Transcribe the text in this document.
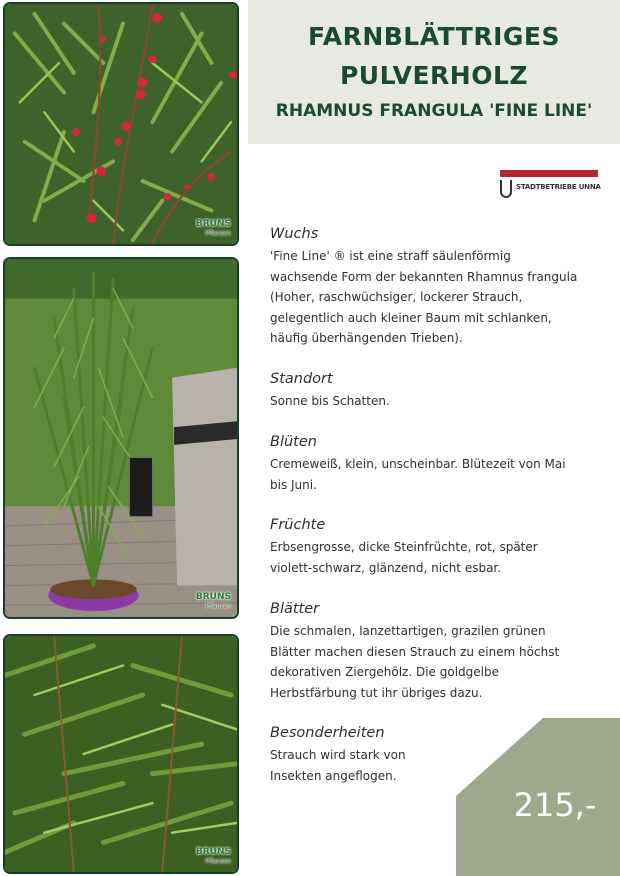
BRUNS
Pflanzen
BRUNS
Pflanzen
BRUNS
Pflanzen
FARNBLÄTTRIGES
PULVERHOLZ
RHAMNUS FRANGULA 'FINE LINE'
STADTBETRIEBE UNNA
Wuchs

'Fine Line' ® ist eine straff säulenförmig
wachsende Form der bekannten Rhamnus frangula
(Hoher, raschwüchsiger, lockerer Strauch,
gelegentlich auch kleiner Baum mit schlanken,
häufig überhängenden Trieben).

Standort

Sonne bis Schatten.

Blüten

Cremeweiß, klein, unscheinbar. Blütezeit von Mai
bis Juni.

Früchte

Erbsengrosse, dicke Steinfrüchte, rot, später
violett-schwarz, glänzend, nicht esbar.

Blätter

Die schmalen, lanzettartigen, grazilen grünen
Blätter machen diesen Strauch zu einem höchst
dekorativen Ziergehölz. Die goldgelbe
Herbstfärbung tut ihr übriges dazu.

Besonderheiten

Strauch wird stark von
Insekten angeflogen.

215,-
